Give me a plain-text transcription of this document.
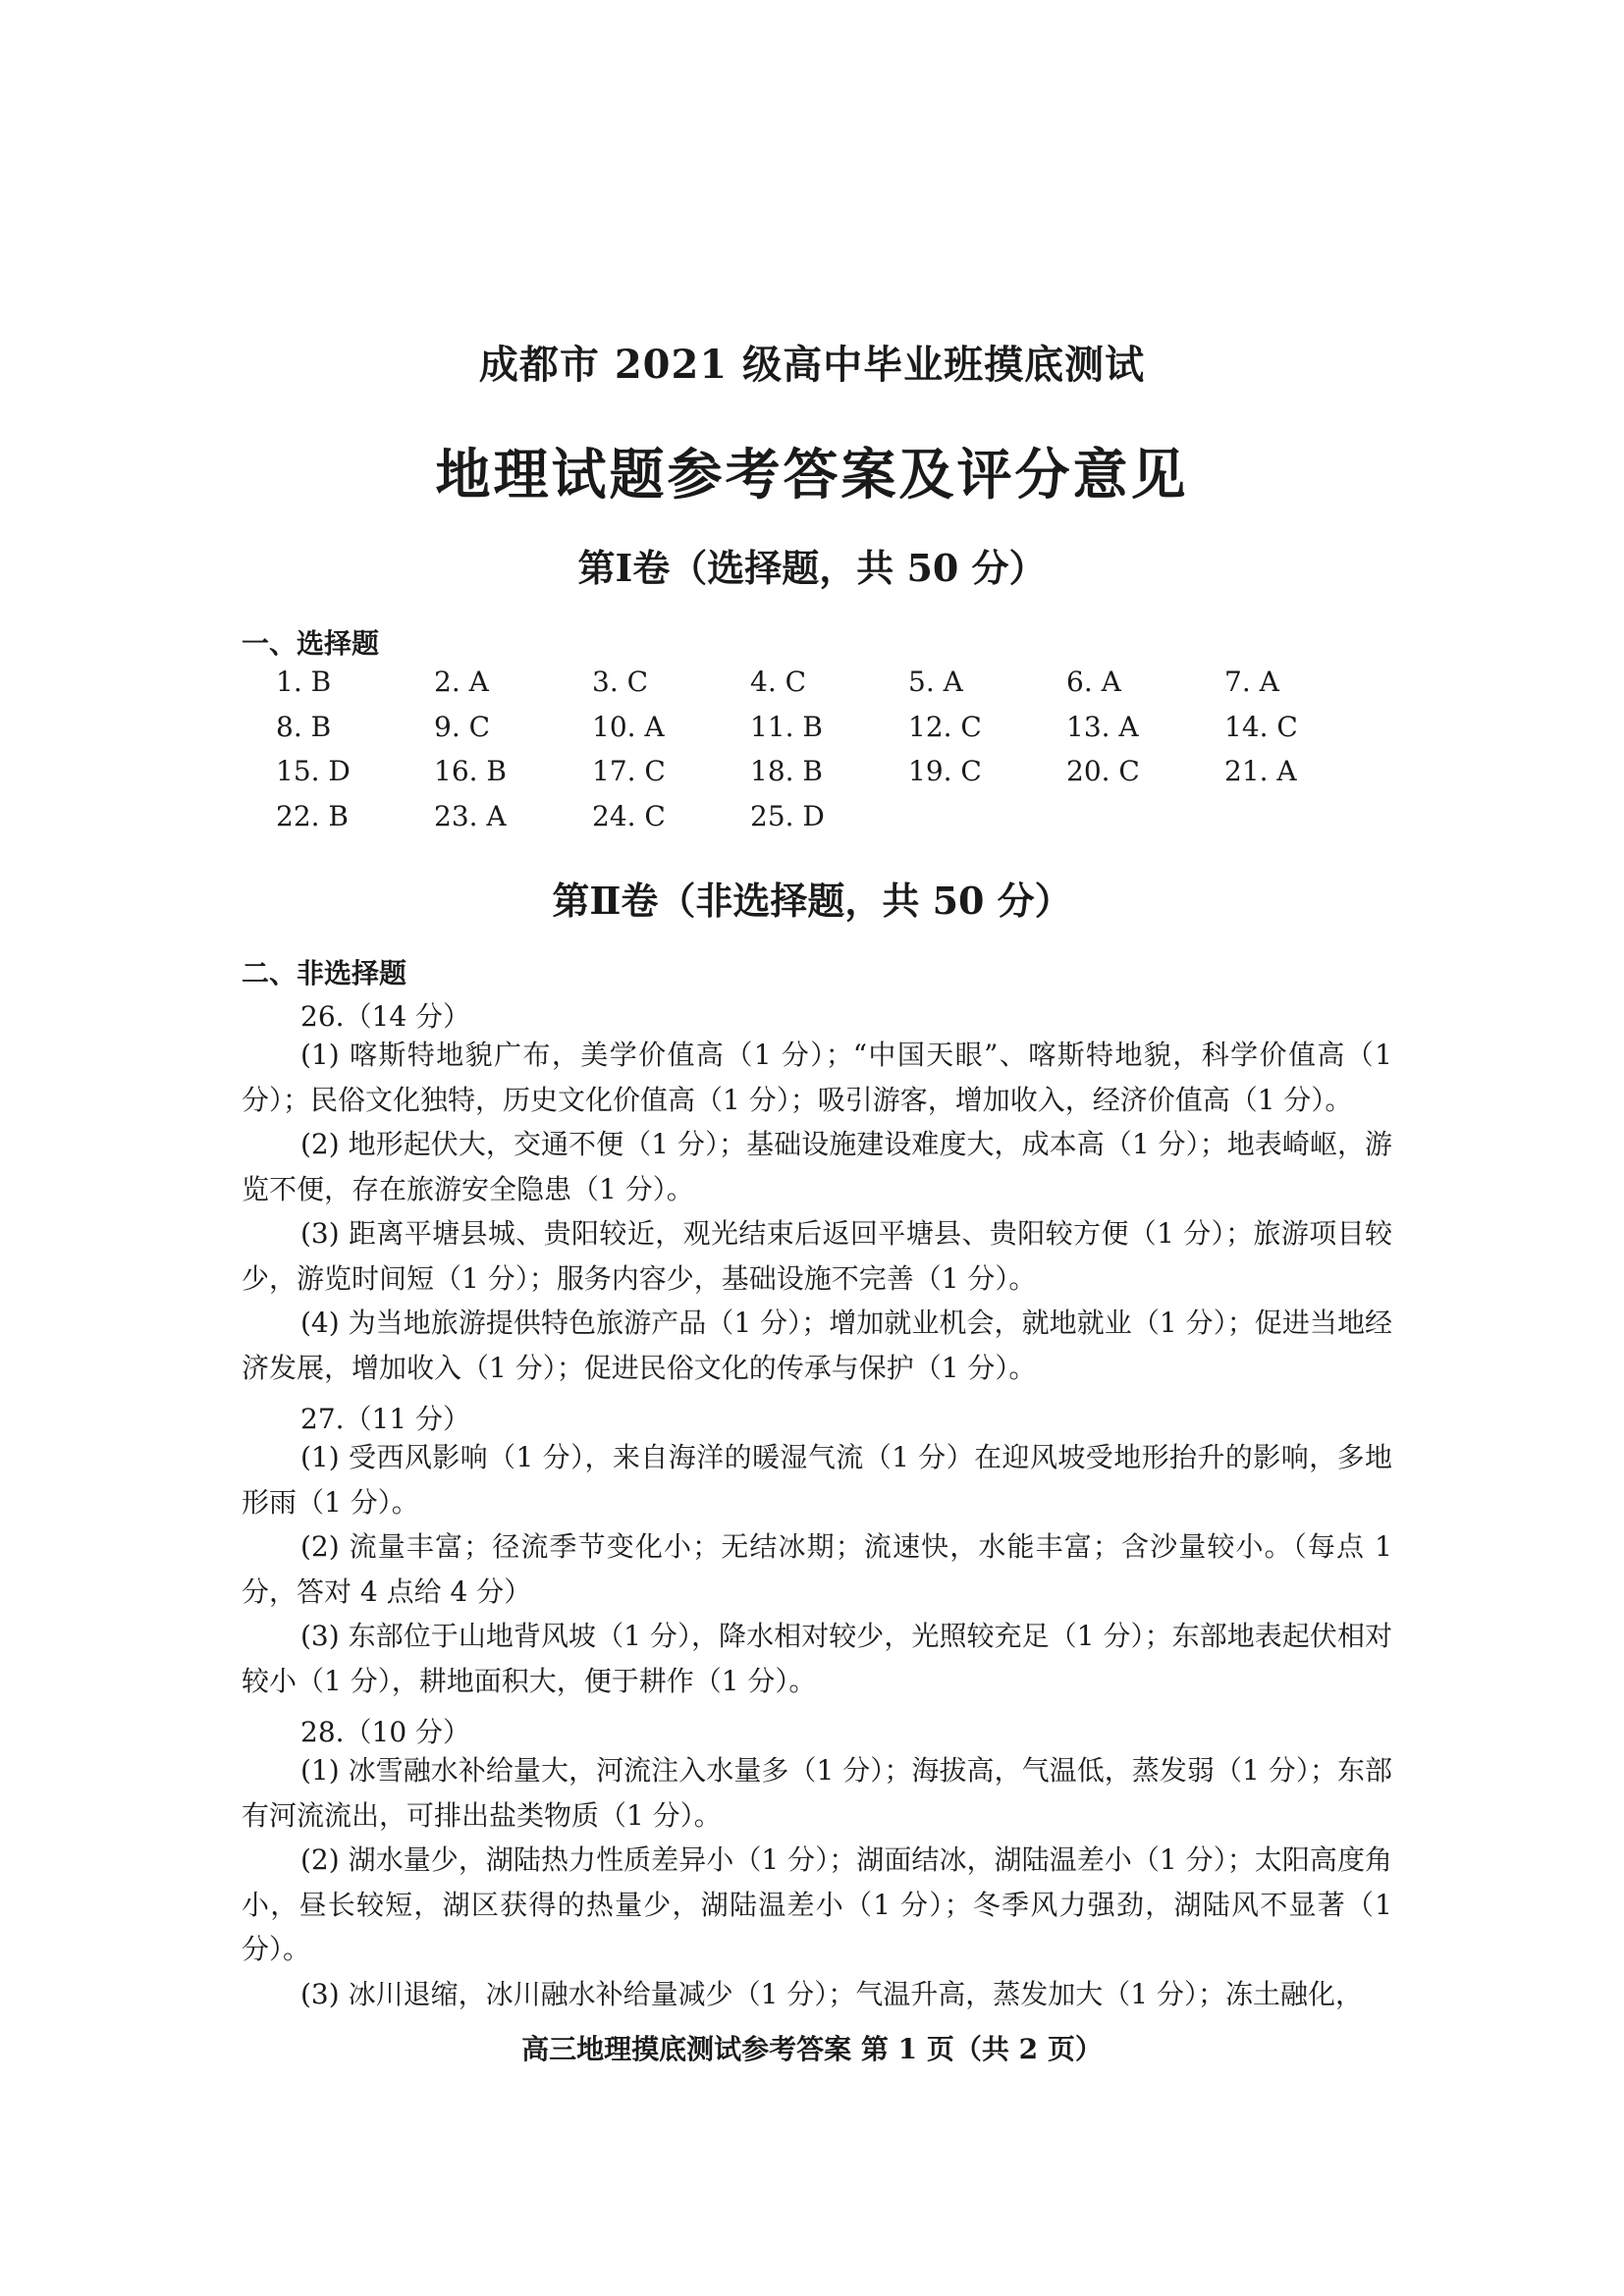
成都市 2021 级高中毕业班摸底测试
地理试题参考答案及评分意见
第Ⅰ卷（选择题，共 50 分）
一、选择题
1. B	2. A	3. C	4. C	5. A	6. A	7. A
8. B	9. C	10. A	11. B	12. C	13. A	14. C
15. D	16. B	17. C	18. B	19. C	20. C	21. A
22. B	23. A	24. C	25. D
第Ⅱ卷（非选择题，共 50 分）
二、非选择题
26.（14 分）
(1) 喀斯特地貌广布，美学价值高（1 分）；“中国天眼”、喀斯特地貌，科学价值高（1 分）；民俗文化独特，历史文化价值高（1 分）；吸引游客，增加收入，经济价值高（1 分）。
(2) 地形起伏大，交通不便（1 分）；基础设施建设难度大，成本高（1 分）；地表崎岖，游览不便，存在旅游安全隐患（1 分）。
(3) 距离平塘县城、贵阳较近，观光结束后返回平塘县、贵阳较方便（1 分）；旅游项目较少，游览时间短（1 分）；服务内容少，基础设施不完善（1 分）。
(4) 为当地旅游提供特色旅游产品（1 分）；增加就业机会，就地就业（1 分）；促进当地经济发展，增加收入（1 分）；促进民俗文化的传承与保护（1 分）。
27.（11 分）
(1) 受西风影响（1 分），来自海洋的暖湿气流（1 分）在迎风坡受地形抬升的影响，多地形雨（1 分）。
(2) 流量丰富；径流季节变化小；无结冰期；流速快，水能丰富；含沙量较小。（每点 1 分，答对 4 点给 4 分）
(3) 东部位于山地背风坡（1 分），降水相对较少，光照较充足（1 分）；东部地表起伏相对较小（1 分），耕地面积大，便于耕作（1 分）。
28.（10 分）
(1) 冰雪融水补给量大，河流注入水量多（1 分）；海拔高，气温低，蒸发弱（1 分）；东部有河流流出，可排出盐类物质（1 分）。
(2) 湖水量少，湖陆热力性质差异小（1 分）；湖面结冰，湖陆温差小（1 分）；太阳高度角小，昼长较短，湖区获得的热量少，湖陆温差小（1 分）；冬季风力强劲，湖陆风不显著（1 分）。
(3) 冰川退缩，冰川融水补给量减少（1 分）；气温升高，蒸发加大（1 分）；冻土融化，
高三地理摸底测试参考答案 第 1 页（共 2 页）
